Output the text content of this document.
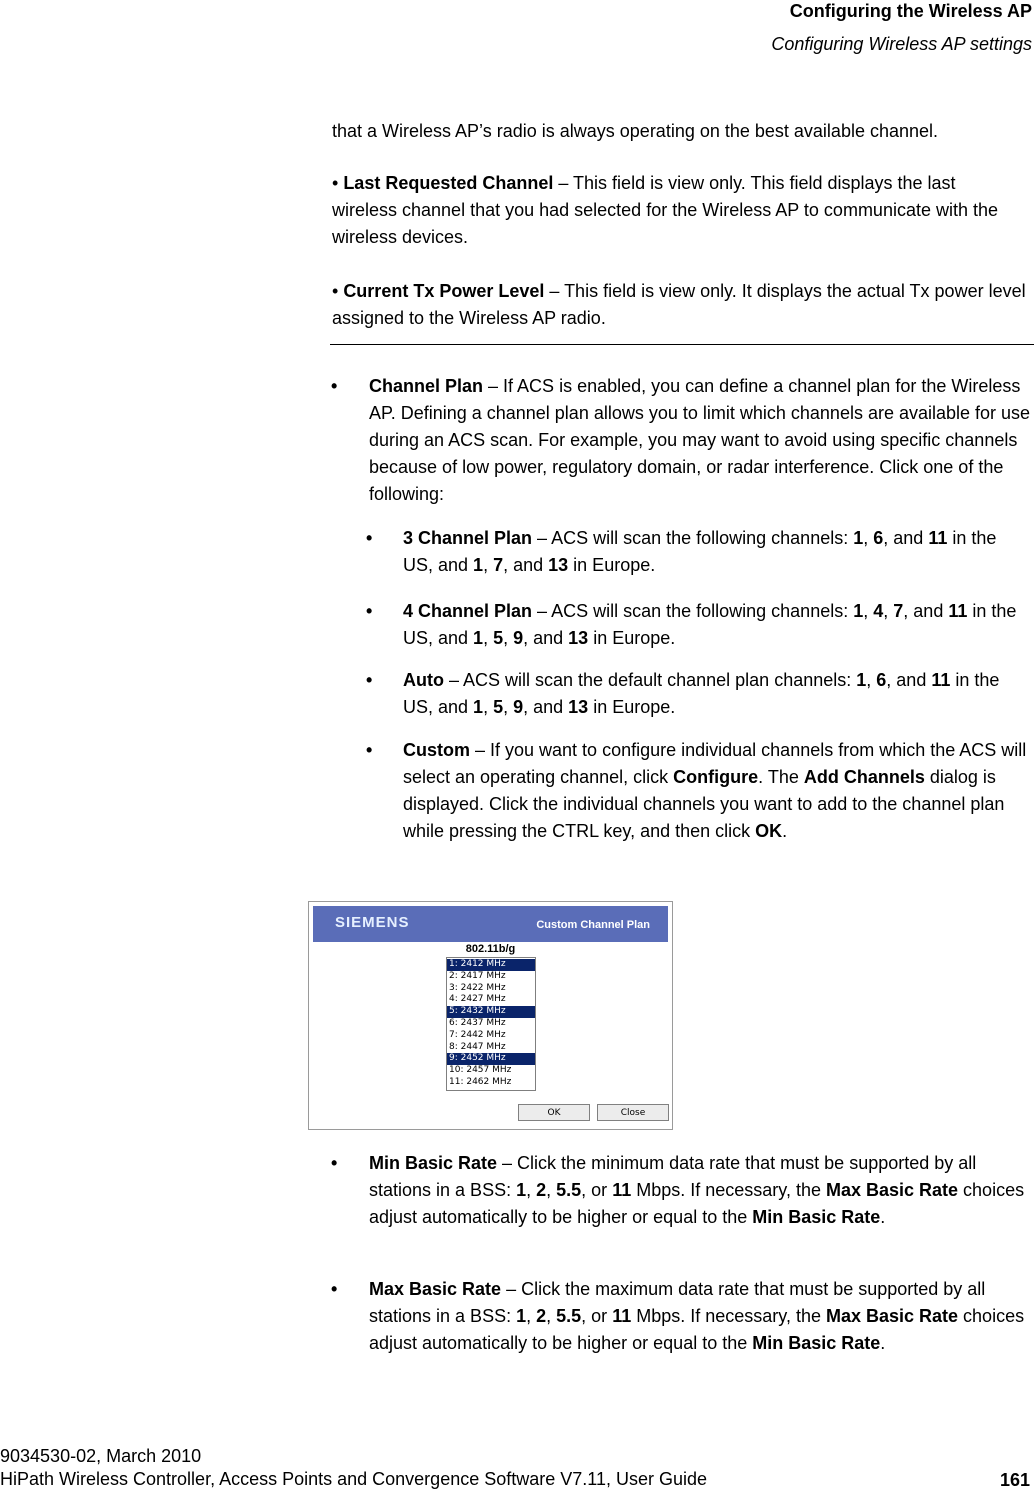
Configuring the Wireless AP
Configuring Wireless AP settings
that a Wireless AP’s radio is always operating on the best available channel.
• Last Requested Channel – This field is view only. This field displays the last wireless channel that you had selected for the Wireless AP to communicate with the wireless devices.
• Current Tx Power Level – This field is view only. It displays the actual Tx power level assigned to the Wireless AP radio.
• Channel Plan – If ACS is enabled, you can define a channel plan for the Wireless AP. Defining a channel plan allows you to limit which channels are available for use during an ACS scan. For example, you may want to avoid using specific channels because of low power, regulatory domain, or radar interference. Click one of the following:
• 3 Channel Plan – ACS will scan the following channels: 1, 6, and 11 in the US, and 1, 7, and 13 in Europe.
• 4 Channel Plan – ACS will scan the following channels: 1, 4, 7, and 11 in the US, and 1, 5, 9, and 13 in Europe.
• Auto – ACS will scan the default channel plan channels: 1, 6, and 11 in the US, and 1, 5, 9, and 13 in Europe.
• Custom – If you want to configure individual channels from which the ACS will select an operating channel, click Configure. The Add Channels dialog is displayed. Click the individual channels you want to add to the channel plan while pressing the CTRL key, and then click OK.
SIEMENS	Custom Channel Plan
802.11b/g
1: 2412 MHz
2: 2417 MHz
3: 2422 MHz
4: 2427 MHz
5: 2432 MHz
6: 2437 MHz
7: 2442 MHz
8: 2447 MHz
9: 2452 MHz
10: 2457 MHz
11: 2462 MHz
OK	Close
• Min Basic Rate – Click the minimum data rate that must be supported by all stations in a BSS: 1, 2, 5.5, or 11 Mbps. If necessary, the Max Basic Rate choices adjust automatically to be higher or equal to the Min Basic Rate.
• Max Basic Rate – Click the maximum data rate that must be supported by all stations in a BSS: 1, 2, 5.5, or 11 Mbps. If necessary, the Max Basic Rate choices adjust automatically to be higher or equal to the Min Basic Rate.
9034530-02, March 2010
HiPath Wireless Controller, Access Points and Convergence Software V7.11, User Guide	161
